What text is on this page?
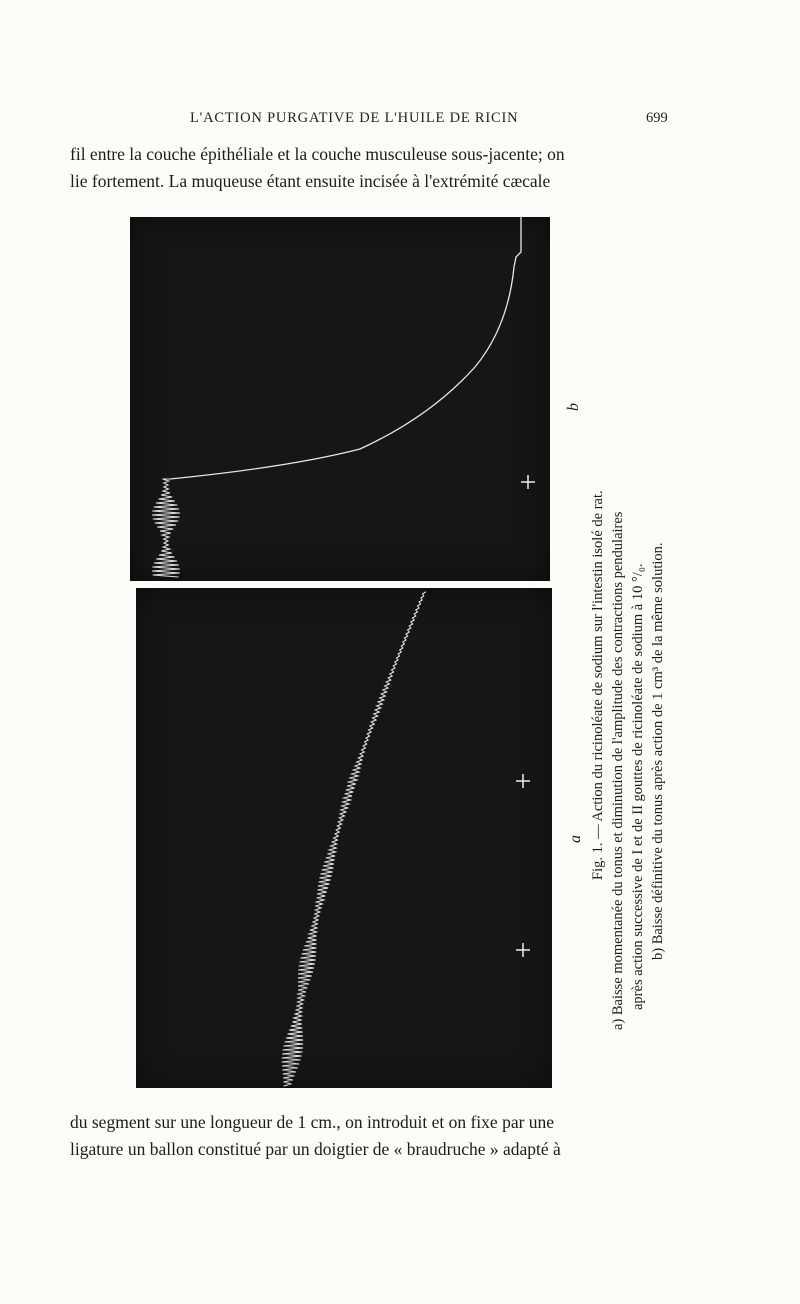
L'ACTION PURGATIVE DE L'HUILE DE RICIN	699
fil entre la couche épithéliale et la couche musculeuse sous-jacente; on
lie fortement. La muqueuse étant ensuite incisée à l'extrémité cæcale
b
a Fig. 1. — Action du ricinoléate de sodium sur l'intestin isolé de rat. a) Baisse momentanée du tonus et diminution de l'amplitude des contractions pendulaires après action successive de I et de II gouttes de ricinoléate de sodium à 10 °/₀. b) Baisse définitive du tonus après action de 1 cm³ de la même solution.
du segment sur une longueur de 1 cm., on introduit et on fixe par une
ligature un ballon constitué par un doigtier de « braudruche » adapté à
